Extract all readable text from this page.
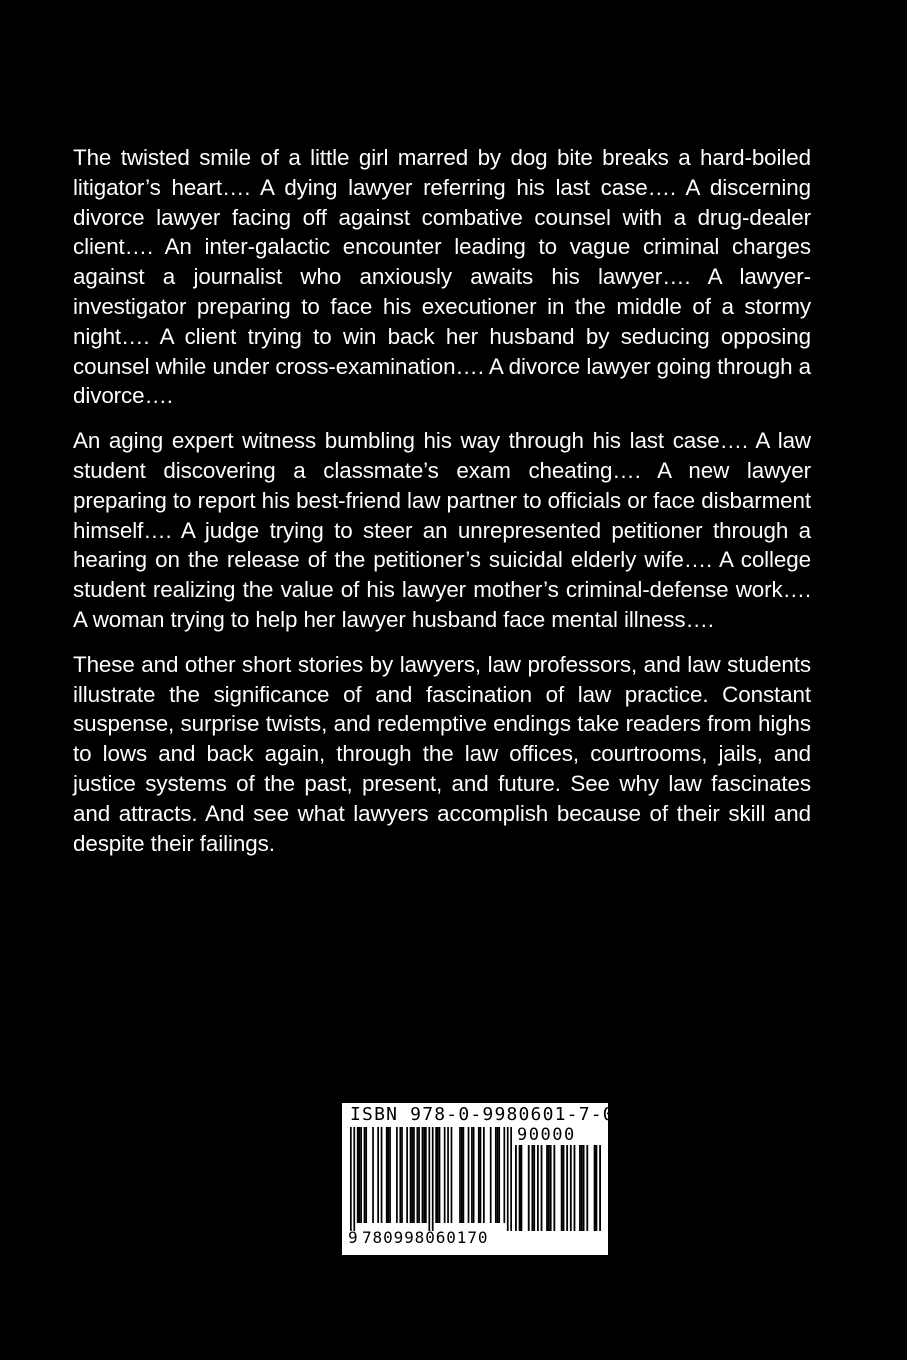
The twisted smile of a little girl marred by dog bite breaks a hard-boiled litigator’s heart…. A dying lawyer referring his last case…. A discerning divorce lawyer facing off against combative counsel with a drug-dealer client…. An inter-galactic encounter leading to vague criminal charges against a journalist who anxiously awaits his lawyer…. A lawyer-investigator preparing to face his executioner in the middle of a stormy night…. A client trying to win back her husband by seducing opposing counsel while under cross-examination…. A divorce lawyer going through a divorce….

An aging expert witness bumbling his way through his last case…. A law student discovering a classmate’s exam cheating…. A new lawyer preparing to report his best-friend law partner to officials or face disbarment himself…. A judge trying to steer an unrepresented petitioner through a hearing on the release of the petitioner’s suicidal elderly wife…. A college student realizing the value of his lawyer mother’s criminal-defense work…. A woman trying to help her lawyer husband face mental illness….

These and other short stories by lawyers, law professors, and law students illustrate the significance of and fascination of law practice. Constant suspense, surprise twists, and redemptive endings take readers from highs to lows and back again, through the law offices, courtrooms, jails, and justice systems of the past, present, and future. See why law fascinates and attracts. And see what lawyers accomplish because of their skill and despite their failings.

ISBN 978-0-9980601-7-0
90000
9 780998060170
